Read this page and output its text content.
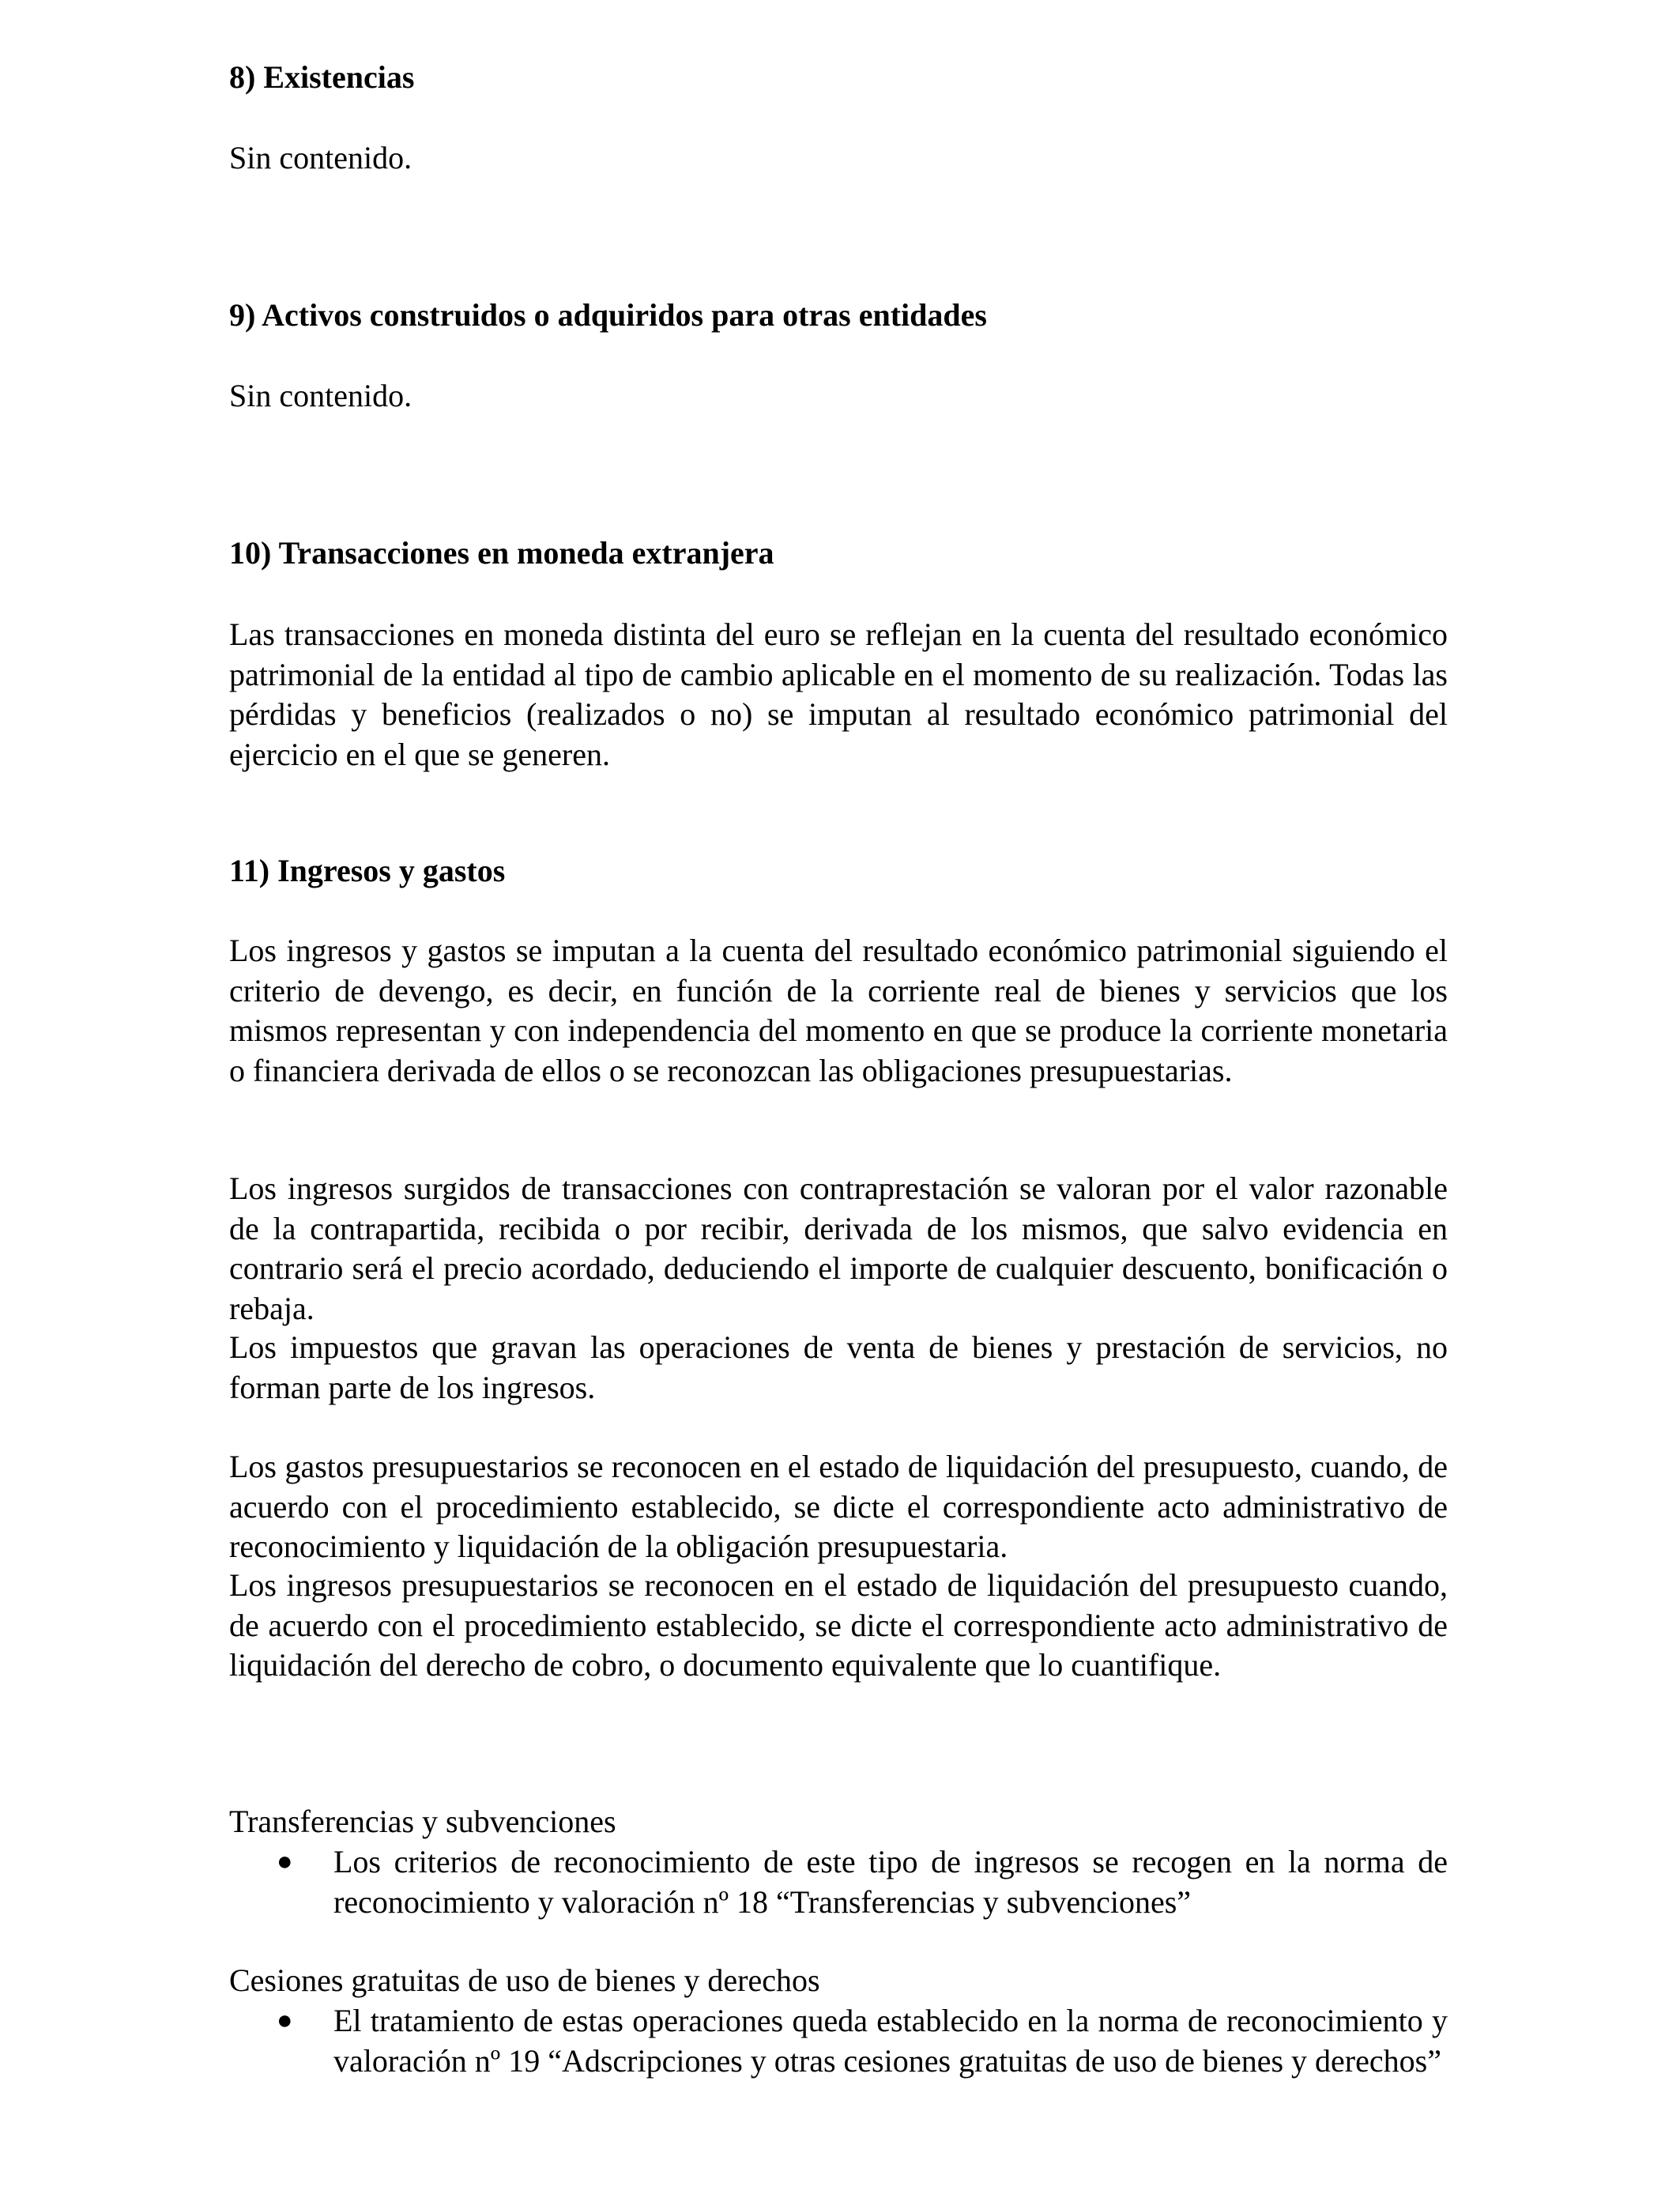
8) Existencias
Sin contenido.
9) Activos construidos o adquiridos para otras entidades
Sin contenido.
10) Transacciones en moneda extranjera
Las transacciones en moneda distinta del euro se reflejan en la cuenta del resultado económico patrimonial de la entidad al tipo de cambio aplicable en el momento de su realización. Todas las pérdidas y beneficios (realizados o no) se imputan al resultado económico patrimonial del ejercicio en el que se generen.
11) Ingresos y gastos
Los ingresos y gastos se imputan a la cuenta del resultado económico patrimonial siguiendo el criterio de devengo, es decir, en función de la corriente real de bienes y servicios que los mismos representan y con independencia del momento en que se produce la corriente monetaria o financiera derivada de ellos o se reconozcan las obligaciones presupuestarias.
Los ingresos surgidos de transacciones con contraprestación se valoran por el valor razonable de la contrapartida, recibida o por recibir, derivada de los mismos, que salvo evidencia en contrario será el precio acordado, deduciendo el importe de cualquier descuento, bonificación o rebaja.
Los impuestos que gravan las operaciones de venta de bienes y prestación de servicios, no forman parte de los ingresos.
Los gastos presupuestarios se reconocen en el estado de liquidación del presupuesto, cuando, de acuerdo con el procedimiento establecido, se dicte el correspondiente acto administrativo de reconocimiento y liquidación de la obligación presupuestaria.
Los ingresos presupuestarios se reconocen en el estado de liquidación del presupuesto cuando, de acuerdo con el procedimiento establecido, se dicte el correspondiente acto administrativo de liquidación del derecho de cobro, o documento equivalente que lo cuantifique.
Transferencias y subvenciones
●	Los criterios de reconocimiento de este tipo de ingresos se recogen en la norma de reconocimiento y valoración nº 18 “Transferencias y subvenciones”
Cesiones gratuitas de uso de bienes y derechos
●	El tratamiento de estas operaciones queda establecido en la norma de reconocimiento y valoración nº 19 “Adscripciones y otras cesiones gratuitas de uso de bienes y derechos”
